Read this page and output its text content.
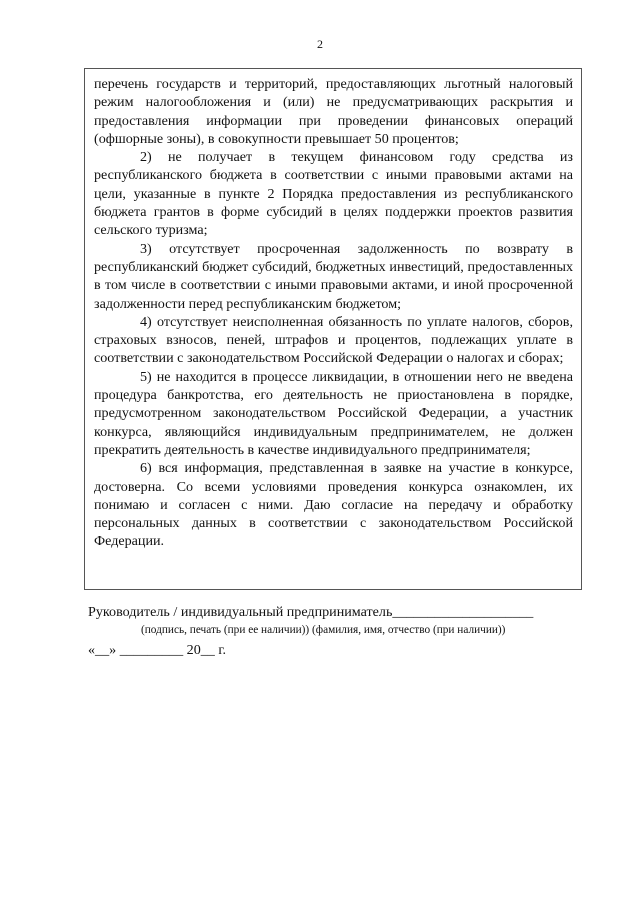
2

перечень государств и территорий, предоставляющих льготный налоговый режим налогообложения и (или) не предусматривающих раскрытия и предоставления информации при проведении финансовых операций (офшорные зоны), в совокупности превышает 50 процентов;

2) не получает в текущем финансовом году средства из республиканского бюджета в соответствии с иными правовыми актами на цели, указанные в пункте 2 Порядка предоставления из республиканского бюджета грантов в форме субсидий в целях поддержки проектов развития сельского туризма;

3) отсутствует просроченная задолженность по возврату в республиканский бюджет субсидий, бюджетных инвестиций, предоставленных в том числе в соответствии с иными правовыми актами, и иной просроченной задолженности перед республиканским бюджетом;

4) отсутствует неисполненная обязанность по уплате налогов, сборов, страховых взносов, пеней, штрафов и процентов, подлежащих уплате в соответствии с законодательством Российской Федерации о налогах и сборах;

5) не находится в процессе ликвидации, в отношении него не введена процедура банкротства, его деятельность не приостановлена в порядке, предусмотренном законодательством Российской Федерации, а участник конкурса, являющийся индивидуальным предпринимателем, не должен прекратить деятельность в качестве индивидуального предпринимателя;

6) вся информация, представленная в заявке на участие в конкурсе, достоверна. Со всеми условиями проведения конкурса ознакомлен, их понимаю и согласен с ними. Даю согласие на передачу и обработку персональных данных в соответствии с законодательством Российской Федерации.

Руководитель / индивидуальный предприниматель____________________
(подпись, печать (при ее наличии)) (фамилия, имя, отчество (при наличии))
«__» _________ 20__ г.
